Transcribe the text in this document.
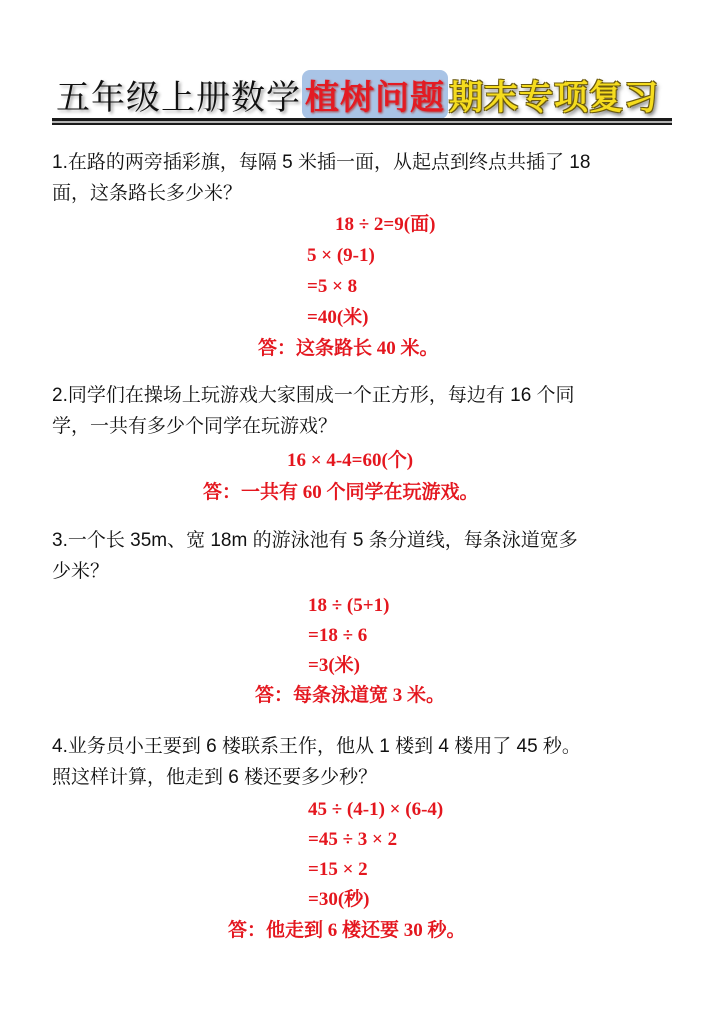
五年级上册数学 植树问题 期末专项复习
1.在路的两旁插彩旗，每隔 5 米插一面，从起点到终点共插了 18
面，这条路长多少米？
18 ÷ 2=9(面)
5 × (9-1)
=5 × 8
=40(米)
答：这条路长 40 米。
2.同学们在操场上玩游戏大家围成一个正方形，每边有 16 个同
学，一共有多少个同学在玩游戏？
16 × 4-4=60(个)
答：一共有 60 个同学在玩游戏。
3.一个长 35m、宽 18m 的游泳池有 5 条分道线，每条泳道宽多
少米？
18 ÷ (5+1)
=18 ÷ 6
=3(米)
答：每条泳道宽 3 米。
4.业务员小王要到 6 楼联系王作，他从 1 楼到 4 楼用了 45 秒。
照这样计算，他走到 6 楼还要多少秒？
45 ÷ (4-1) × (6-4)
=45 ÷ 3 × 2
=15 × 2
=30(秒)
答：他走到 6 楼还要 30 秒。
